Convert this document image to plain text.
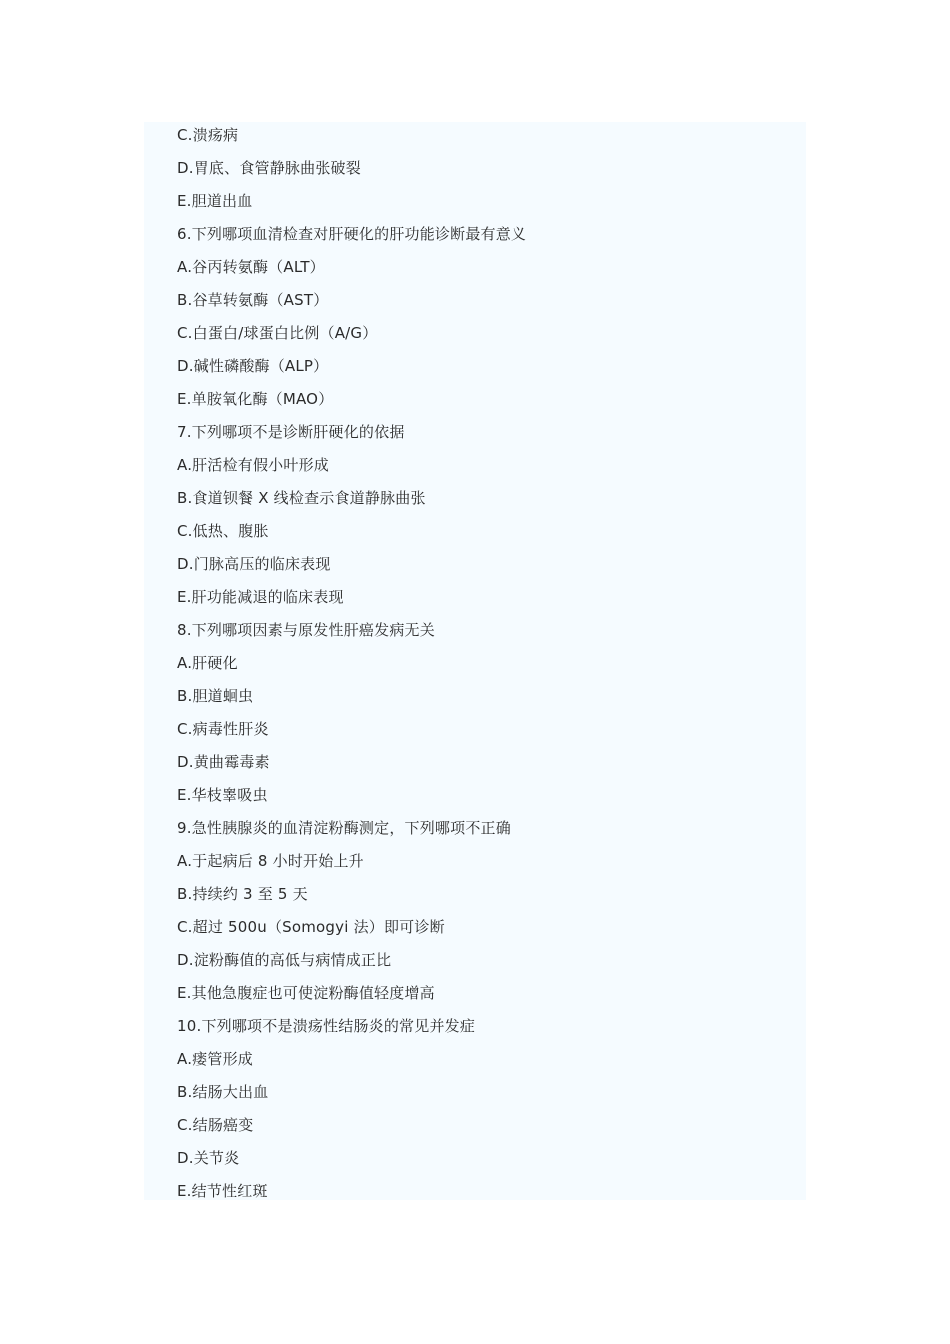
C.溃疡病
D.胃底、食管静脉曲张破裂
E.胆道出血
6.下列哪项血清检查对肝硬化的肝功能诊断最有意义
A.谷丙转氨酶（ALT）
B.谷草转氨酶（AST）
C.白蛋白/球蛋白比例（A/G）
D.碱性磷酸酶（ALP）
E.单胺氧化酶（MAO）
7.下列哪项不是诊断肝硬化的依据
A.肝活检有假小叶形成
B.食道钡餐 X 线检查示食道静脉曲张
C.低热、腹胀
D.门脉高压的临床表现
E.肝功能减退的临床表现
8.下列哪项因素与原发性肝癌发病无关
A.肝硬化
B.胆道蛔虫
C.病毒性肝炎
D.黄曲霉毒素
E.华枝睾吸虫
9.急性胰腺炎的血清淀粉酶测定，下列哪项不正确
A.于起病后 8 小时开始上升
B.持续约 3 至 5 天
C.超过 500u（Somogyi 法）即可诊断
D.淀粉酶值的高低与病情成正比
E.其他急腹症也可使淀粉酶值轻度增高
10.下列哪项不是溃疡性结肠炎的常见并发症
A.瘘管形成
B.结肠大出血
C.结肠癌变
D.关节炎
E.结节性红斑
